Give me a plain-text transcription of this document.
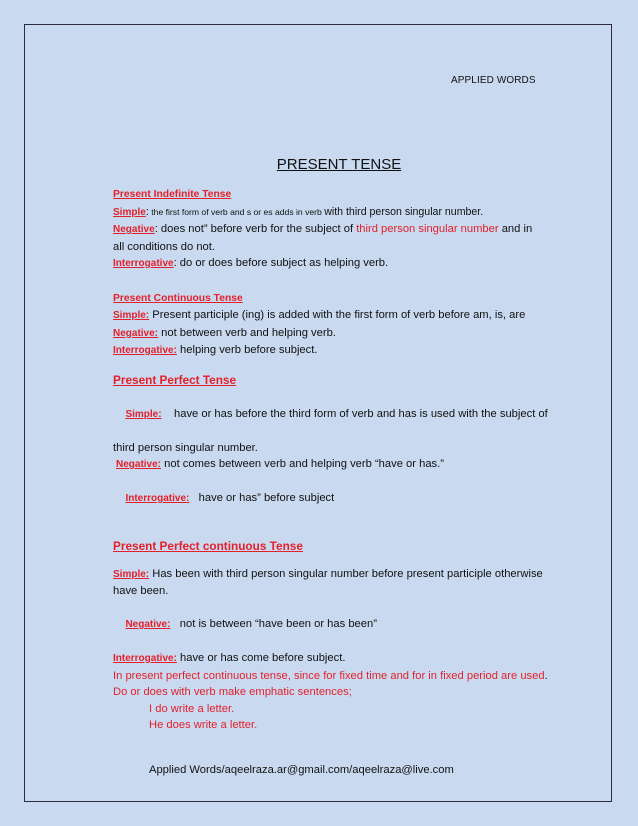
APPLIED WORDS
PRESENT TENSE
Present Indefinite Tense
Simple: the first form of verb and s or es adds in verb with third person singular number.
Negative: does not” before verb for the subject of third person singular number and in
all conditions do not.
Interrogative: do or does before subject as helping verb.
Present Continuous Tense
Simple: Present participle (ing) is added with the first form of verb before am, is, are
Negative: not between verb and helping verb.
Interrogative: helping verb before subject.
Present Perfect Tense

Simple:    have or has before the third form of verb and has is used with the subject of

third person singular number.
Negative: not comes between verb and helping verb “have or has.”

Interrogative:   have or has” before subject

Present Perfect continuous Tense
Simple: Has been with third person singular number before present participle otherwise
have been.

Negative:   not is between “have been or has been”

Interrogative: have or has come before subject.
In present perfect continuous tense, since for fixed time and for in fixed period are used.
Do or does with verb make emphatic sentences;
I do write a letter.
He does write a letter.
Applied Words/aqeelraza.ar@gmail.com/aqeelraza@live.com
